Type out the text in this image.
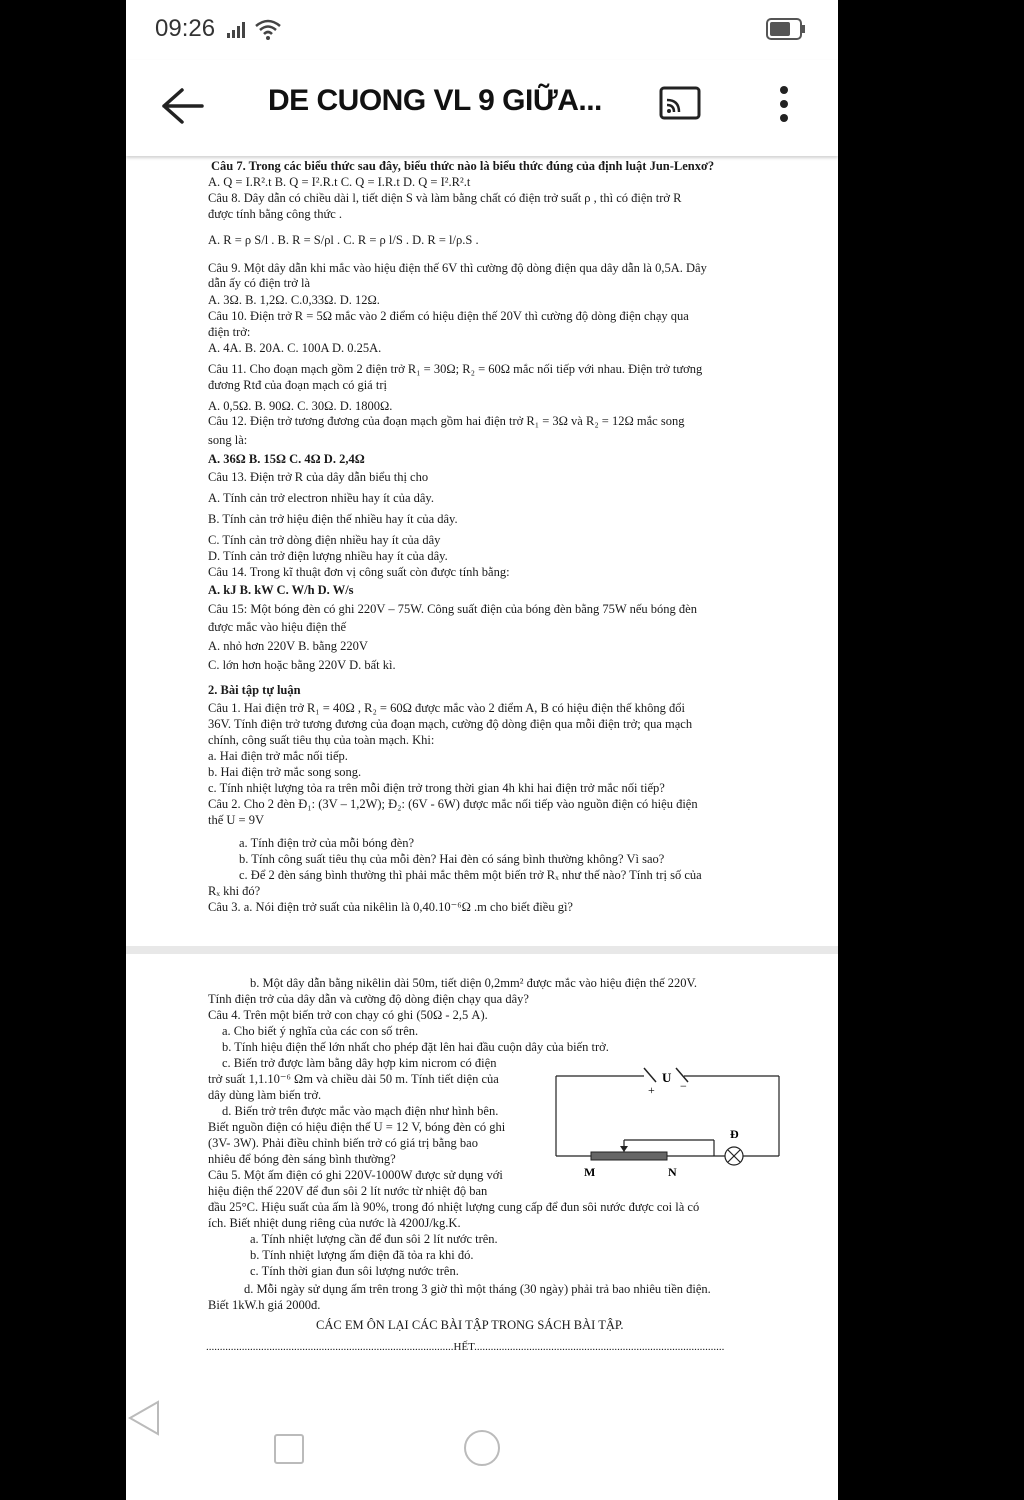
09:26
DE CUONG VL 9 GIỮA...
Câu 7. Trong các biểu thức sau đây, biểu thức nào là biểu thức đúng của định luật Jun-Lenxơ?
A. Q = I.R².t B. Q = I².R.t C. Q = I.R.t D. Q = I².R².t
Câu 8. Dây dẫn có chiều dài l, tiết diện S và làm bằng chất có điện trở suất ρ , thì có điện trở R
được tính bằng công thức .
A. R = ρ S/l . B. R = S/ρl . C. R = ρ l/S . D. R = l/ρ.S .
Câu 9. Một dây dẫn khi mắc vào hiệu điện thế 6V thì cường độ dòng điện qua dây dẫn là 0,5A. Dây
dẫn ấy có điện trở là
A. 3Ω. B. 1,2Ω. C.0,33Ω. D. 12Ω.
Câu 10. Điện trở R = 5Ω mắc vào 2 điểm có hiệu điện thế 20V thì cường độ dòng điện chạy qua
điện trở:
A. 4A. B. 20A. C. 100A D. 0.25A.
Câu 11. Cho đoạn mạch gồm 2 điện trở R₁ = 30Ω; R₂ = 60Ω mắc nối tiếp với nhau. Điện trở tương
đương Rtđ của đoạn mạch có giá trị
A. 0,5Ω. B. 90Ω. C. 30Ω. D. 1800Ω.
Câu 12. Điện trở tương đương của đoạn mạch gồm hai điện trở R₁ = 3Ω và R₂ = 12Ω mắc song
song là:
A. 36Ω B. 15Ω C. 4Ω D. 2,4Ω
Câu 13. Điện trở R của dây dẫn biểu thị cho
A. Tính cản trở electron nhiều hay ít của dây.
B. Tính cản trở hiệu điện thế nhiều hay ít của dây.
C. Tính cản trở dòng điện nhiều hay ít của dây
D. Tính cản trở điện lượng nhiều hay ít của dây.
Câu 14. Trong kĩ thuật đơn vị công suất còn được tính bằng:
A. kJ B. kW C. W/h D. W/s
Câu 15: Một bóng đèn có ghi 220V – 75W. Công suất điện của bóng đèn bằng 75W nếu bóng đèn
được mắc vào hiệu điện thế
A. nhỏ hơn 220V B. bằng 220V
C. lớn hơn hoặc bằng 220V D. bất kì.
2. Bài tập tự luận
Câu 1. Hai điện trở R₁ = 40Ω , R₂ = 60Ω được mắc vào 2 điểm A, B có hiệu điện thế không đổi
36V. Tính điện trở tương đương của đoạn mạch, cường độ dòng điện qua mỗi điện trở; qua mạch
chính, công suất tiêu thụ của toàn mạch. Khi:
a. Hai điện trở mắc nối tiếp.
b. Hai điện trở mắc song song.
c. Tính nhiệt lượng tỏa ra trên mỗi điện trở trong thời gian 4h khi hai điện trở mắc nối tiếp?
Câu 2. Cho 2 đèn Đ₁: (3V – 1,2W); Đ₂: (6V - 6W) được mắc nối tiếp vào nguồn điện có hiệu điện
thế U = 9V
a. Tính điện trở của mỗi bóng đèn?
b. Tính công suất tiêu thụ của mỗi đèn? Hai đèn có sáng bình thường không? Vì sao?
c. Để 2 đèn sáng bình thường thì phải mắc thêm một biến trở Rₓ như thế nào? Tính trị số của
Rₓ khi đó?
Câu 3. a. Nói điện trở suất của nikêlin là 0,40.10⁻⁶Ω .m cho biết điều gì?
b. Một dây dẫn bằng nikêlin dài 50m, tiết diện 0,2mm² được mắc vào hiệu điện thế 220V.
Tính điện trở của dây dẫn và cường độ dòng điện chạy qua dây?
Câu 4. Trên một biến trở con chạy có ghi (50Ω - 2,5 A).
a. Cho biết ý nghĩa của các con số trên.
b. Tính hiệu điện thế lớn nhất cho phép đặt lên hai đầu cuộn dây của biến trở.
c. Biến trở được làm bằng dây hợp kim nicrom có điện
trở suất 1,1.10⁻⁶ Ωm và chiều dài 50 m. Tính tiết diện của
dây dùng làm biến trở.
d. Biến trở trên được mắc vào mạch điện như hình bên.
Biết nguồn điện có hiệu điện thế U = 12 V, bóng đèn có ghi
(3V- 3W). Phải điều chỉnh biến trở có giá trị bằng bao
nhiêu để bóng đèn sáng bình thường?
Câu 5. Một ấm điện có ghi 220V-1000W được sử dụng với
hiệu điện thế 220V để đun sôi 2 lít nước từ nhiệt độ ban
đầu 25°C. Hiệu suất của ấm là 90%, trong đó nhiệt lượng cung cấp để đun sôi nước được coi là có
ích. Biết nhiệt dung riêng của nước là 4200J/kg.K.
a. Tính nhiệt lượng cần để đun sôi 2 lít nước trên.
b. Tính nhiệt lượng ấm điện đã tỏa ra khi đó.
c. Tính thời gian đun sôi lượng nước trên.
d. Mỗi ngày sử dụng ấm trên trong 3 giờ thì một tháng (30 ngày) phải trả bao nhiêu tiền điện.
Biết 1kW.h giá 2000đ.
CÁC EM ÔN LẠI CÁC BÀI TẬP TRONG SÁCH BÀI TẬP.
..........................................................................................HẾT...........................................................................................
U
+ −
Đ
M	N
